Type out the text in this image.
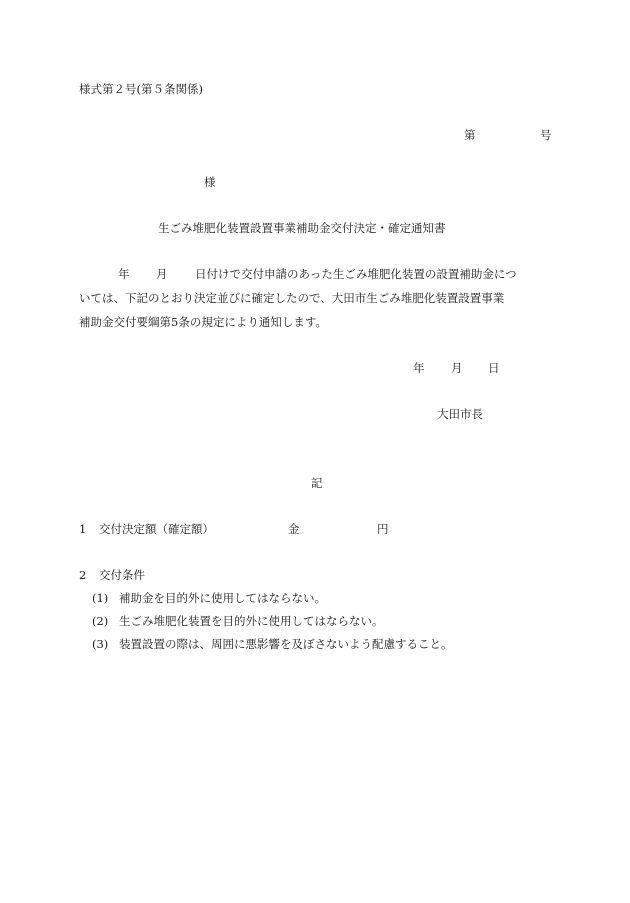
様式第２号(第５条関係)
第	号
様
生ごみ堆肥化装置設置事業補助金交付決定・確定通知書
年 月 日付けで交付申請のあった生ごみ堆肥化装置の設置補助金につ
いては、下記のとおり決定並びに確定したので、大田市生ごみ堆肥化装置設置事業
補助金交付要綱第5条の規定により通知します。
年 月 日
大田市長
記
1 交付決定額（確定額）	金	円
2 交付条件
(1) 補助金を目的外に使用してはならない。
(2) 生ごみ堆肥化装置を目的外に使用してはならない。
(3) 装置設置の際は、周囲に悪影響を及ぼさないよう配慮すること。
